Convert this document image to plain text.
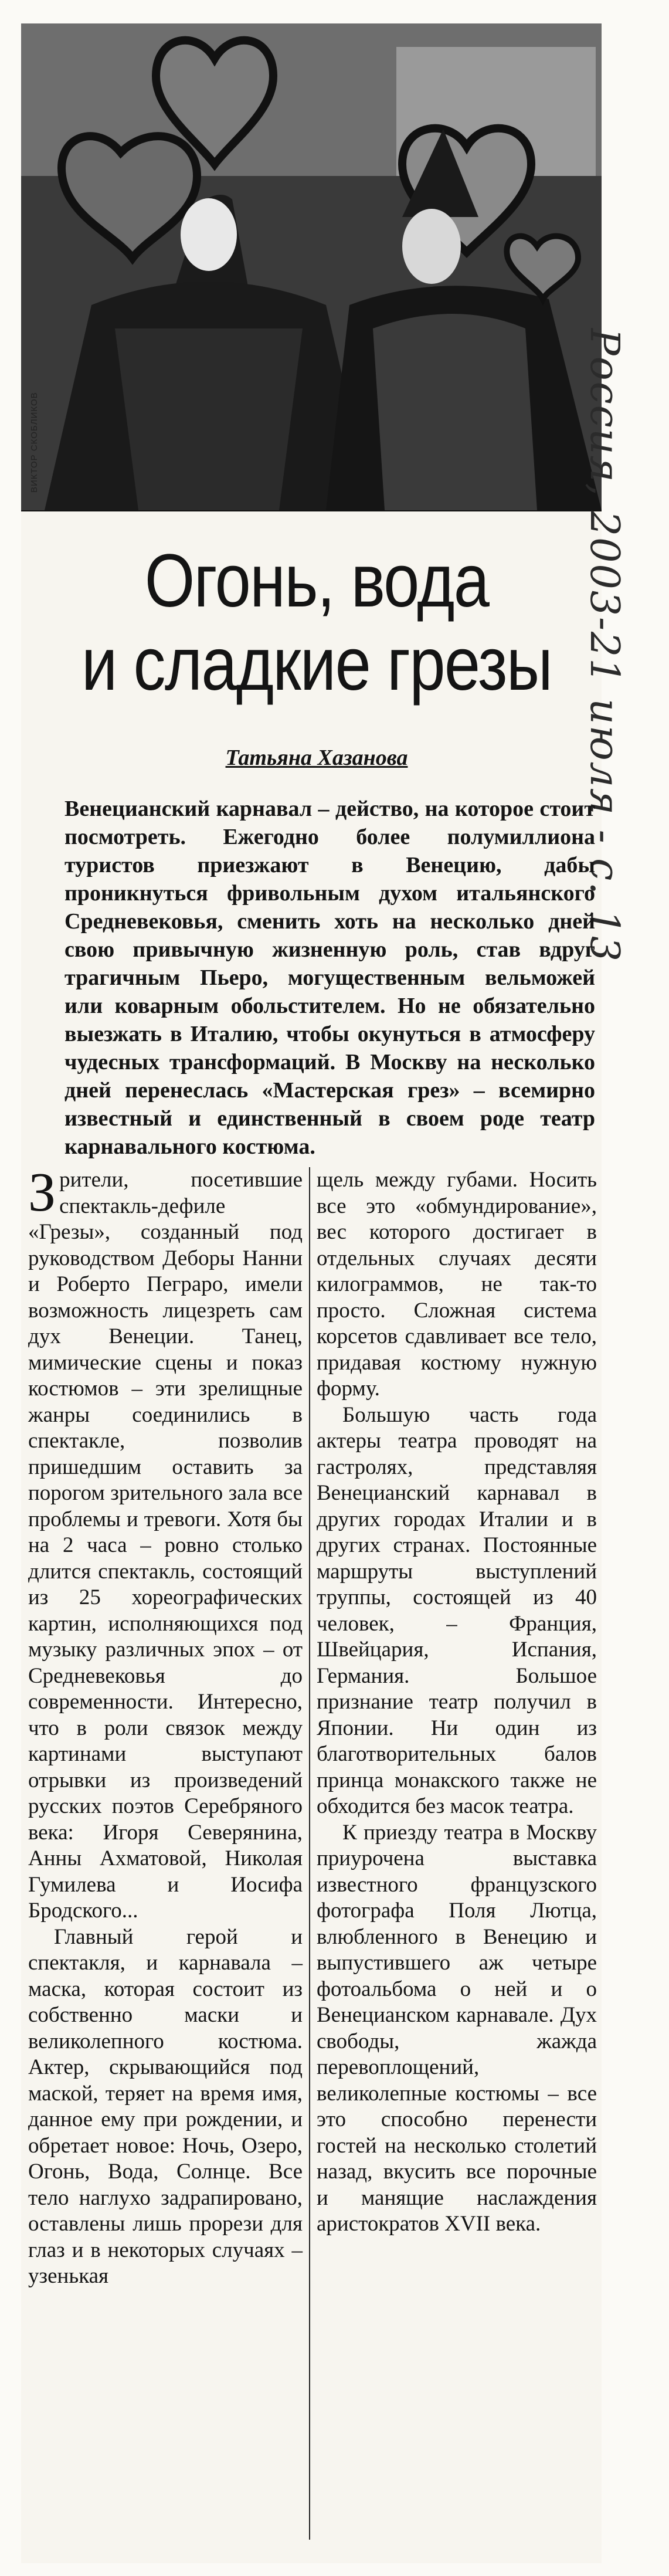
ВИКТОР СКОБЛИКОВ	Россия, 2003-21 июля - с. 13
Огонь, вода
и сладкие грезы
Татьяна Хазанова

Венецианский карнавал – действо, на которое стоит посмотреть. Ежегодно более полумиллиона туристов приезжают в Венецию, дабы проникнуться фривольным духом итальянского Средневековья, сменить хоть на несколько дней свою привычную жизненную роль, став вдруг трагичным Пьеро, могущественным вельможей или коварным обольстителем. Но не обязательно выезжать в Италию, чтобы окунуться в атмосферу чудесных трансформаций. В Москву на несколько дней перенеслась «Мастерская грез» – всемирно известный и единственный в своем роде театр карнавального костюма.

Зрители, посетившие спектакль-дефиле «Грезы», созданный под руководством Деборы Нанни и Роберто Пеграро, имели возможность лицезреть сам дух Венеции. Танец, мимические сцены и показ костюмов – эти зрелищные жанры соединились в спектакле, позволив пришедшим оставить за порогом зрительного зала все проблемы и тревоги. Хотя бы на 2 часа – ровно столько длится спектакль, состоящий из 25 хореографических картин, исполняющихся под музыку различных эпох – от Средневековья до современности. Интересно, что в роли связок между картинами выступают отрывки из произведений русских поэтов Серебряного века: Игоря Северянина, Анны Ахматовой, Николая Гумилева и Иосифа Бродского...

Главный герой и спектакля, и карнавала – маска, которая состоит из собственно маски и великолепного костюма. Актер, скрывающийся под маской, теряет на время имя, данное ему при рождении, и обретает новое: Ночь, Озеро, Огонь, Вода, Солнце. Все тело наглухо задрапировано, оставлены лишь прорези для глаз и в некоторых случаях – узенькая

щель между губами. Носить все это «обмундирование», вес которого достигает в отдельных случаях десяти килограммов, не так-то просто. Сложная система корсетов сдавливает все тело, придавая костюму нужную форму.

Большую часть года актеры театра проводят на гастролях, представляя Венецианский карнавал в других городах Италии и в других странах. Постоянные маршруты выступлений труппы, состоящей из 40 человек, – Франция, Швейцария, Испания, Германия. Большое признание театр получил в Японии. Ни один из благотворительных балов принца монакского также не обходится без масок театра.

К приезду театра в Москву приурочена выставка известного французского фотографа Поля Лютца, влюбленного в Венецию и выпустившего аж четыре фотоальбома о ней и о Венецианском карнавале. Дух свободы, жажда перевоплощений, великолепные костюмы – все это способно перенести гостей на несколько столетий назад, вкусить все порочные и манящие наслаждения аристократов XVII века.
